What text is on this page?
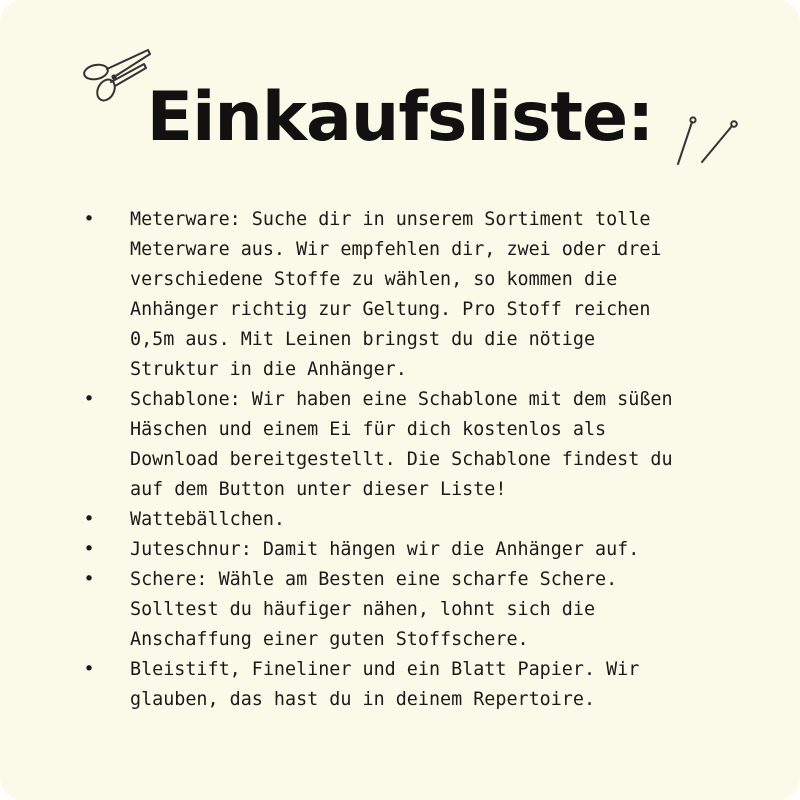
Einkaufsliste:
• Meterware: Suche dir in unserem Sortiment tolle
Meterware aus. Wir empfehlen dir, zwei oder drei
verschiedene Stoffe zu wählen, so kommen die
Anhänger richtig zur Geltung. Pro Stoff reichen
0,5m aus. Mit Leinen bringst du die nötige
Struktur in die Anhänger.
• Schablone: Wir haben eine Schablone mit dem süßen
Häschen und einem Ei für dich kostenlos als
Download bereitgestellt. Die Schablone findest du
auf dem Button unter dieser Liste!
• Wattebällchen.
• Juteschnur: Damit hängen wir die Anhänger auf.
• Schere: Wähle am Besten eine scharfe Schere.
Solltest du häufiger nähen, lohnt sich die
Anschaffung einer guten Stoffschere.
• Bleistift, Fineliner und ein Blatt Papier. Wir
glauben, das hast du in deinem Repertoire.
